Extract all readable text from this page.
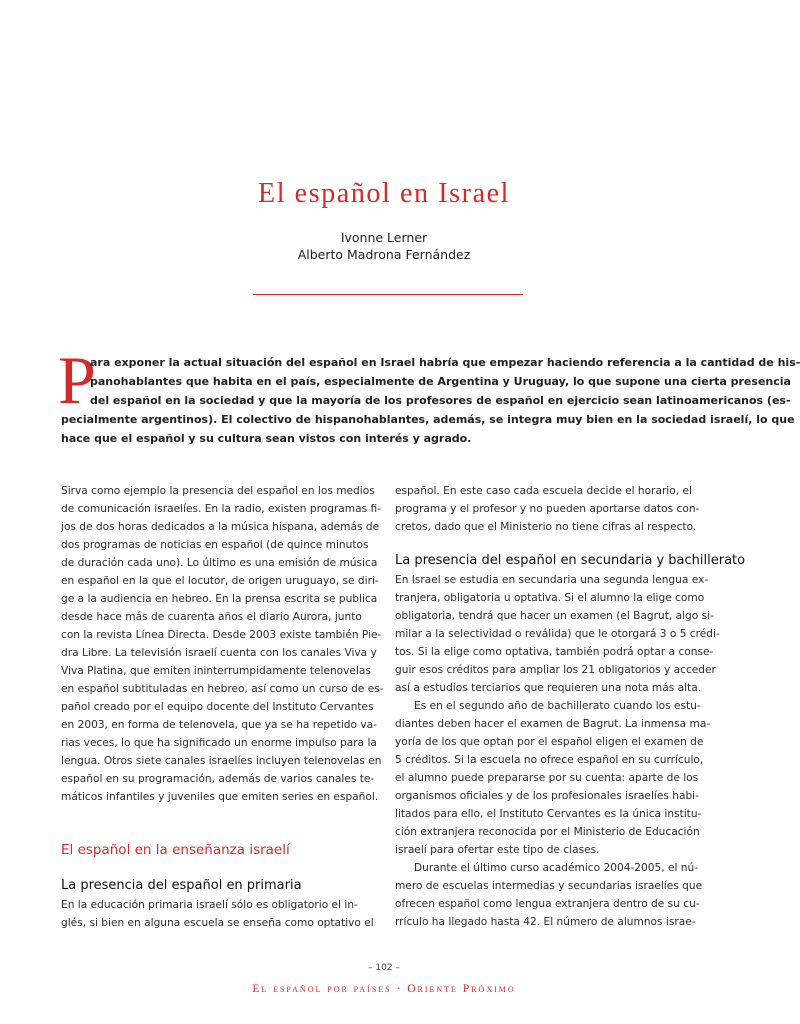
El español en Israel
Ivonne Lerner
Alberto Madrona Fernández
P
ara exponer la actual situación del español en Israel habría que empezar haciendo referencia a la cantidad de his-
panohablantes que habita en el país, especialmente de Argentina y Uruguay, lo que supone una cierta presencia
del español en la sociedad y que la mayoría de los profesores de español en ejercicio sean latinoamericanos (es-
pecialmente argentinos). El colectivo de hispanohablantes, además, se integra muy bien en la sociedad israelí, lo que
hace que el español y su cultura sean vistos con interés y agrado.
Sirva como ejemplo la presencia del español en los medios
de comunicación israelíes. En la radio, existen programas fi-
jos de dos horas dedicados a la música hispana, además de
dos programas de noticias en español (de quince minutos
de duración cada uno). Lo último es una emisión de música
en español en la que el locutor, de origen uruguayo, se diri-
ge a la audiencia en hebreo. En la prensa escrita se publica
desde hace más de cuarenta años el diario Aurora, junto
con la revista Línea Directa. Desde 2003 existe también Pie-
dra Libre. La televisión israelí cuenta con los canales Viva y
Viva Platina, que emiten ininterrumpidamente telenovelas
en español subtituladas en hebreo, así como un curso de es-
pañol creado por el equipo docente del Instituto Cervantes
en 2003, en forma de telenovela, que ya se ha repetido va-
rias veces, lo que ha significado un enorme impulso para la
lengua. Otros siete canales israelíes incluyen telenovelas en
español en su programación, además de varios canales te-
máticos infantiles y juveniles que emiten series en español.
El español en la enseñanza israelí
La presencia del español en primaria
En la educación primaria israelí sólo es obligatorio el in-
glés, si bien en alguna escuela se enseña como optativo el
español. En este caso cada escuela decide el horario, el
programa y el profesor y no pueden aportarse datos con-
cretos, dado que el Ministerio no tiene cifras al respecto.
La presencia del español en secundaria y bachillerato
En Israel se estudia en secundaria una segunda lengua ex-
tranjera, obligatoria u optativa. Si el alumno la elige como
obligatoria, tendrá que hacer un examen (el Bagrut, algo si-
milar a la selectividad o reválida) que le otorgará 3 o 5 crédi-
tos. Si la elige como optativa, también podrá optar a conse-
guir esos créditos para ampliar los 21 obligatorios y acceder
así a estudios terciarios que requieren una nota más alta.
Es en el segundo año de bachillerato cuando los estu-
diantes deben hacer el examen de Bagrut. La inmensa ma-
yoría de los que optan por el español eligen el examen de
5 créditos. Si la escuela no ofrece español en su currículo,
el alumno puede prepararse por su cuenta: aparte de los
organismos oficiales y de los profesionales israelíes habi-
litados para ello, el Instituto Cervantes es la única institu-
ción extranjera reconocida por el Ministerio de Educación
israelí para ofertar este tipo de clases.
Durante el último curso académico 2004-2005, el nú-
mero de escuelas intermedias y secundarias israelíes que
ofrecen español como lengua extranjera dentro de su cu-
rrículo ha llegado hasta 42. El número de alumnos israe-
– 102 –
El español por países · Oriente Próximo
